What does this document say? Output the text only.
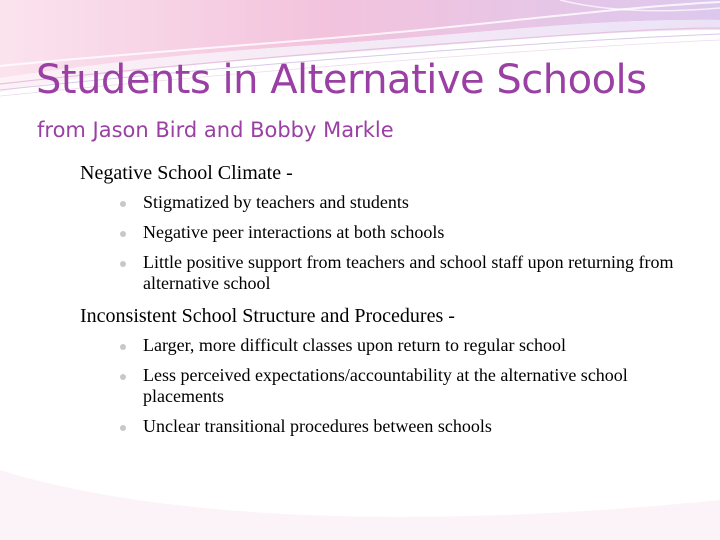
Students in Alternative Schools
from Jason Bird and Bobby Markle

Negative School Climate -

Stigmatized by teachers and students
Negative peer interactions at both schools
Little positive support from teachers and school staff upon returning from alternative school

Inconsistent School Structure and Procedures -

Larger, more difficult classes upon return to regular school
Less perceived expectations/accountability at the alternative school placements
Unclear transitional procedures between schools
